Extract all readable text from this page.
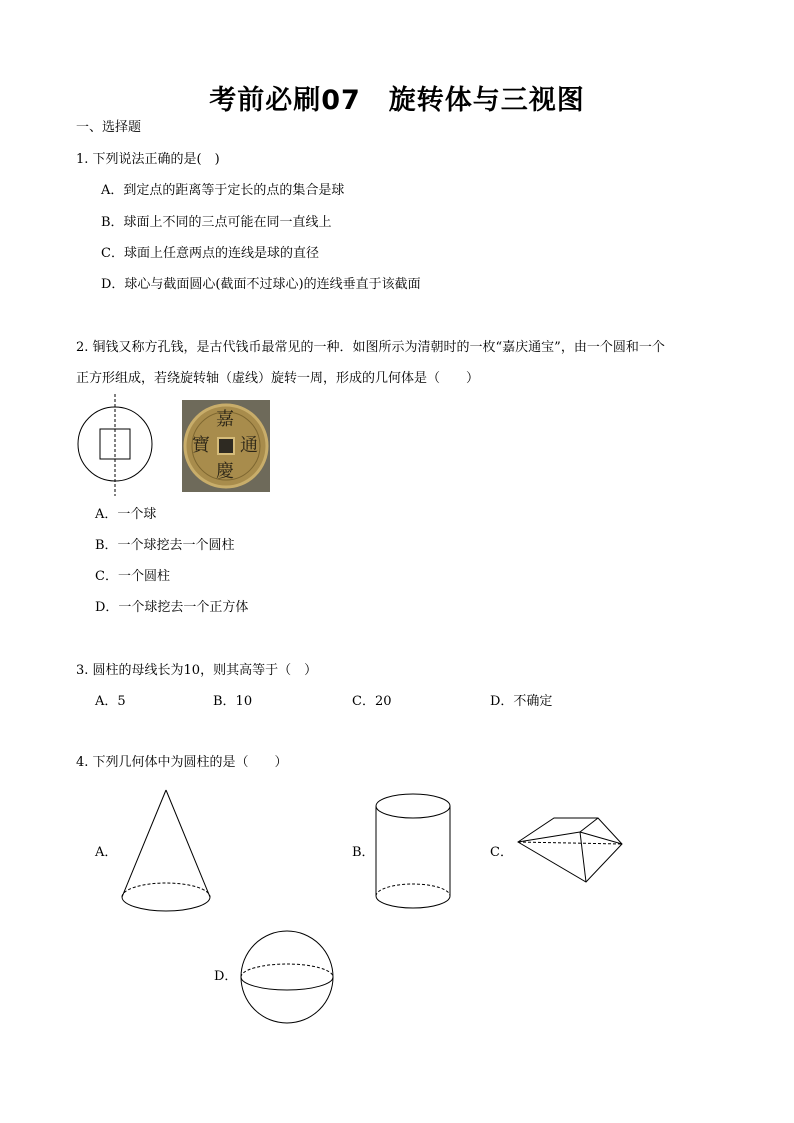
考前必刷07　旋转体与三视图
一、选择题
1. 下列说法正确的是(　)
A．到定点的距离等于定长的点的集合是球
B．球面上不同的三点可能在同一直线上
C．球面上任意两点的连线是球的直径
D．球心与截面圆心(截面不过球心)的连线垂直于该截面
2. 铜钱又称方孔钱，是古代钱币最常见的一种．如图所示为清朝时的一枚“嘉庆通宝”，由一个圆和一个
正方形组成，若绕旋转轴（虚线）旋转一周，形成的几何体是（　　）
嘉
慶
通
寶
A．一个球
B．一个球挖去一个圆柱
C．一个圆柱
D．一个球挖去一个正方体
3. 圆柱的母线长为10，则其高等于（　）
A．5	B．10	C．20	D．不确定
4. 下列几何体中为圆柱的是（　　）
A．	B．	C．
D．
